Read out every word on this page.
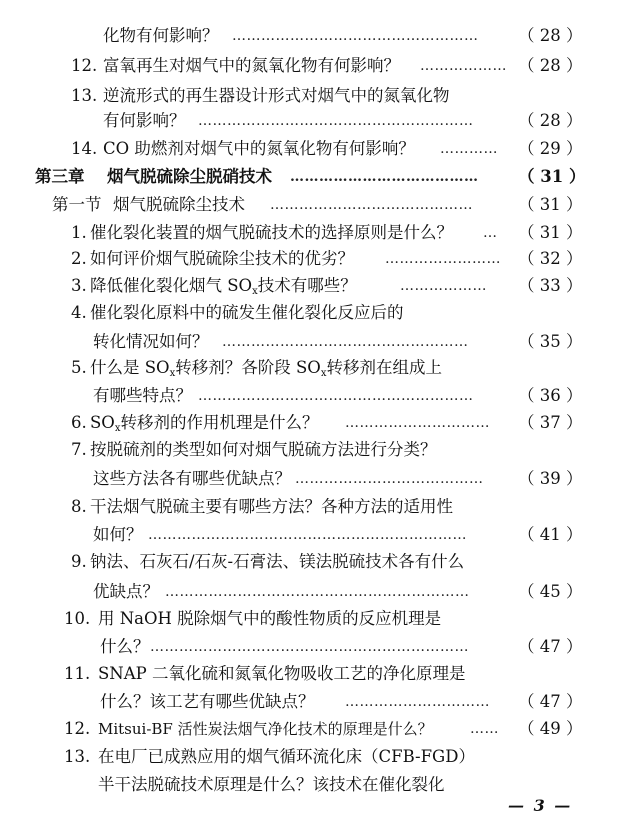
化物有何影响？ ……………………………………………	（ 28 ）
12. 富氧再生对烟气中的氮氧化物有何影响？ ……………… （ 28 ）
13. 逆流形式的再生器设计形式对烟气中的氮氧化物
有何影响？ …………………………………………………	（ 28 ）
14. CO 助燃剂对烟气中的氮氧化物有何影响？ …………	（ 29 ）
第三章 烟气脱硫除尘脱硝技术 …………………………………	（ 31 ）
第一节 烟气脱硫除尘技术 ……………………………………	（ 31 ）
1. 催化裂化装置的烟气脱硫技术的选择原则是什么？ …	（ 31 ）
2. 如何评价烟气脱硫除尘技术的优劣？ ……………………	（ 32 ）
3. 降低催化裂化烟气 $SO_x$技术有哪些？	………………	（ 33 ）
4. 催化裂化原料中的硫发生催化裂化反应后的
转化情况如何？ ……………………………………………	（ 35 ）
5. 什么是 $SO_x$转移剂？各阶段 $SO_x$转移剂在组成上
有哪些特点？ …………………………………………………	（ 36 ）
6. $SO_x$转移剂的作用机理是什么？ …………………………	（ 37 ）
7. 按脱硫剂的类型如何对烟气脱硫方法进行分类？
这些方法各有哪些优缺点？ …………………………………	（ 39 ）
8. 干法烟气脱硫主要有哪些方法？各种方法的适用性
如何？ …………………………………………………………	（ 41 ）
9. 钠法、石灰石/石灰-石膏法、镁法脱硫技术各有什么
优缺点？ ………………………………………………………	（ 45 ）
10. 用 NaOH 脱除烟气中的酸性物质的反应机理是
什么？ …………………………………………………………	（ 47 ）
11. SNAP 二氧化硫和氮氧化物吸收工艺的净化原理是
什么？该工艺有哪些优缺点？ …………………………	（ 47 ）
12. Mitsui-BF 活性炭法烟气净化技术的原理是什么？	……	（ 49 ）
13. 在电厂已成熟应用的烟气循环流化床（CFB-FGD）
半干法脱硫技术原理是什么？该技术在催化裂化
— 3 —
